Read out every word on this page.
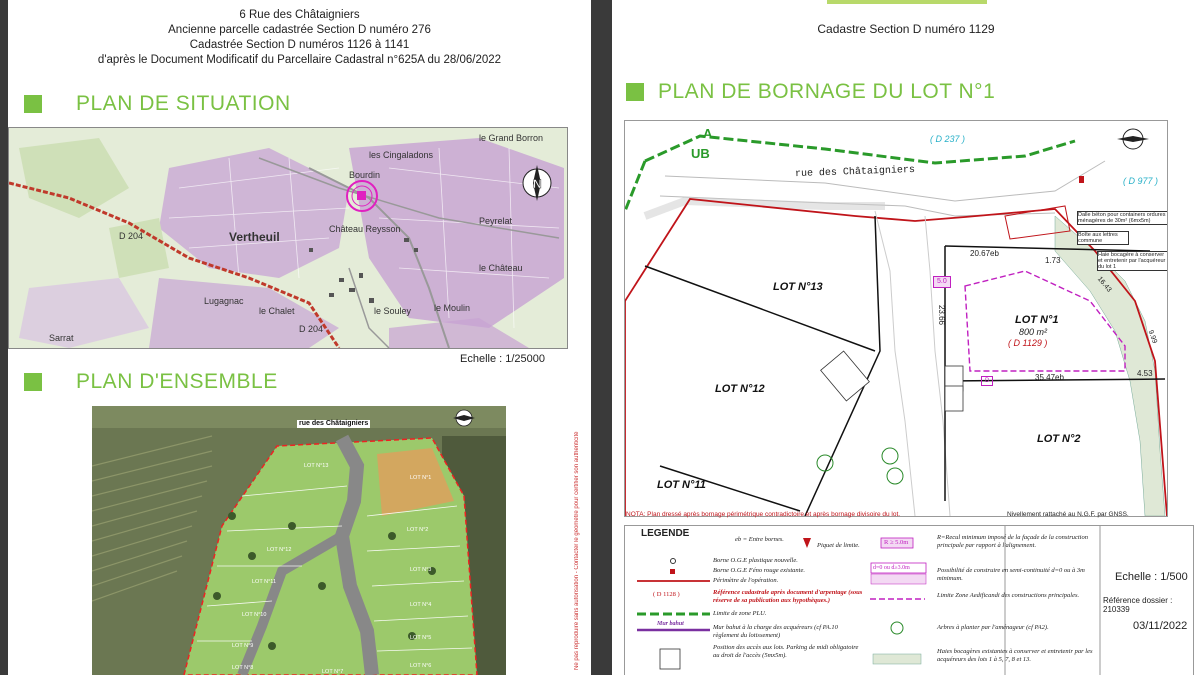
6 Rue des Châtaigniers
Ancienne parcelle cadastrée Section D numéro 276
Cadastrée Section D numéros 1126 à 1141
d'après le Document Modificatif du Parcellaire Cadastral n°625A du 28/06/2022
PLAN DE SITUATION
N
Vertheuil
Château Reysson
Lugagnac
D 204
D 204
le Grand Borron
les Cingaladons
Bourdin
le Souley
le Chalet
Peyrelat
le Moulin
le Château
Sarrat
Echelle : 1/25000
PLAN D'ENSEMBLE
rue des Châtaigniers
LOT N°13
LOT N°1
LOT N°12
LOT N°2
LOT N°11
LOT N°3
LOT N°10
LOT N°4
LOT N°9
LOT N°5
LOT N°8	LOT N°6
LOT N°7
Ne pas reproduire sans autorisation - Contacter le géomètre pour certifier son authenticité
Cadastre Section D numéro 1129
PLAN DE BORNAGE DU LOT N°1
A
UB
( D 237 )
( D 977 )
rue des Châtaigniers
Dalle béton pour containers ordures ménagères de 30m² (6mx5m)
Boîte aux lettres commune
Haie bocagère à conserver et entretenir par l'acquéreur du lot 1
LOT N°13
LOT N°12
LOT N°11
LOT N°2
LOT N°1
800 m²
( D 1129 )
20.67eb
1.73
23.66
35.47eb	4.53
16.43
9.99
5.0
D
NOTA: Plan dressé après bornage périmétrique contradictoire et après bornage divisoire du lot.	Nivellement rattaché au N.G.F. par GNSS.
LEGENDE
eb = Entre bornes.
Piquet de limite.
Borne O.G.E plastique nouvelle.
Borne O.G.E Féno rouge existante.
Périmètre de l'opération.
( D 1128 )	Référence cadastrale après document d'arpentage (sous réserve de sa publication aux hypothèques.)
Limite de zone PLU.
Mur bahut	Mur bahut à la charge des acquéreurs (cf PA.10 règlement du lotissement)
Position des accès aux lots. Parking de midi obligatoire au droit de l'accès (5mx5m).
R ≥ 5.0m
R=Recul minimum imposé de la façade de la construction principale par rapport à l'alignement.
d=0 ou d≥3.0m	Possibilité de construire en semi-continuité d=0 ou à 3m minimum.
Limite Zone Aedificandi des constructions principales.
Arbres à planter par l'aménageur (cf PA2).
Haies bocagères existantes à conserver et entretenir par les acquéreurs des lots 1 à 5, 7, 8 et 13.
Echelle : 1/500
Référence dossier : 210339
03/11/2022
